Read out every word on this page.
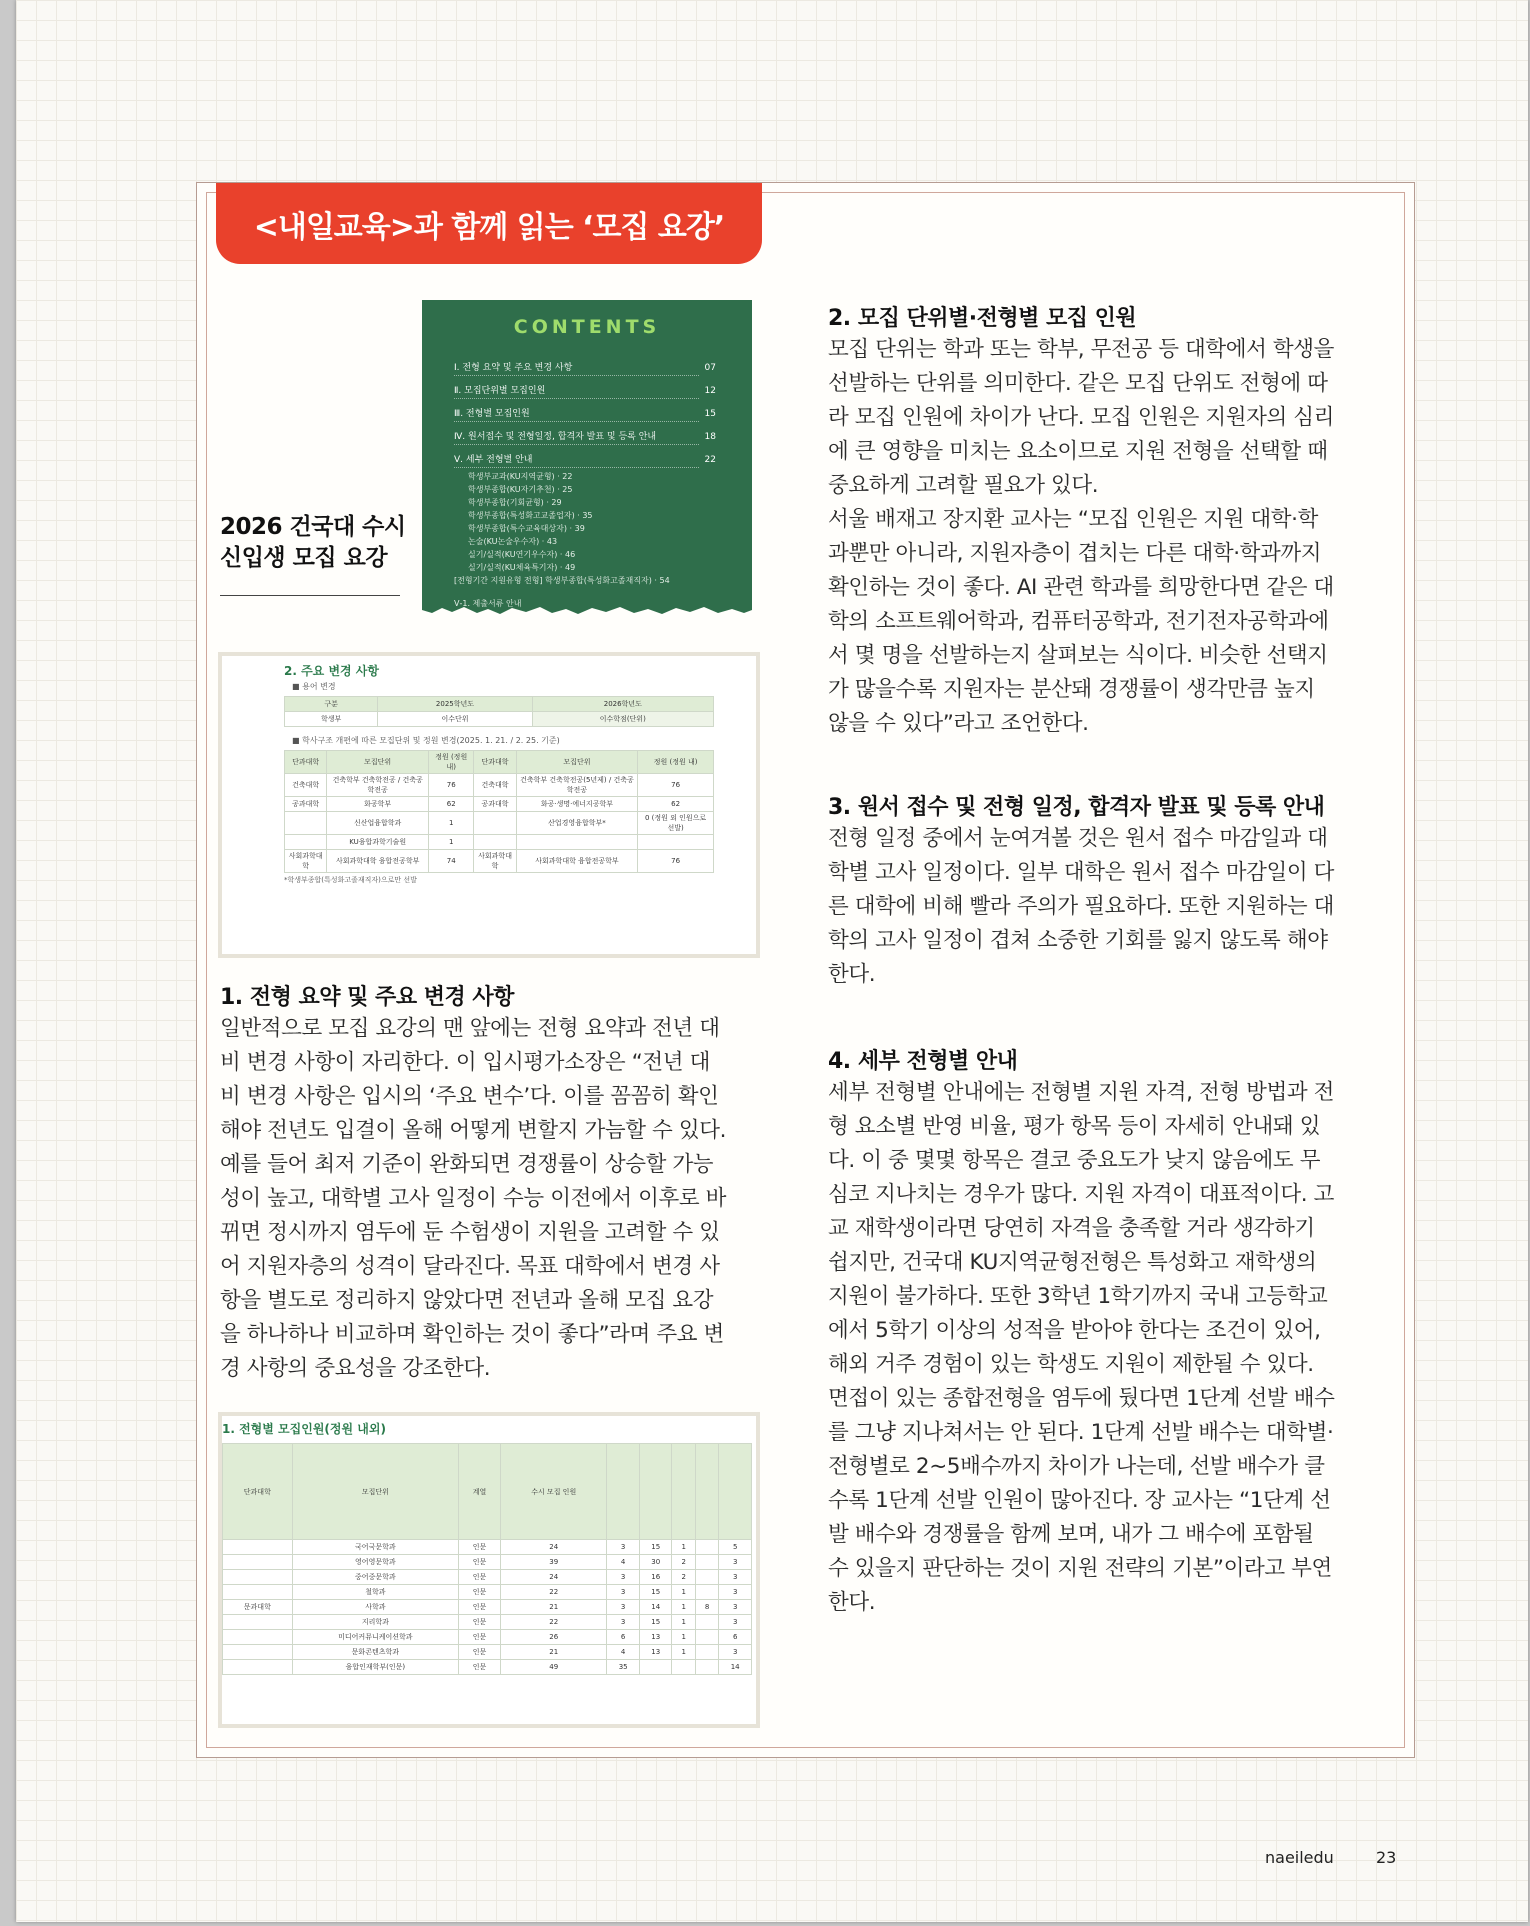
<내일교육>과 함께 읽는 ‘모집 요강’
CONTENTS
Ⅰ. 전형 요약 및 주요 변경 사항	07
Ⅱ. 모집단위별 모집인원	12
Ⅲ. 전형별 모집인원	15
Ⅳ. 원서접수 및 전형일정, 합격자 발표 및 등록 안내	18
Ⅴ. 세부 전형별 안내	22
학생부교과(KU지역균형) · 22
학생부종합(KU자기추천) · 25
학생부종합(기회균형) · 29
학생부종합(특성화고교졸업자) · 35
학생부종합(특수교육대상자) · 39
논술(KU논술우수자) · 43
실기/실적(KU연기우수자) · 46
실기/실적(KU체육특기자) · 49
[전형기간 지원유형 전형] 학생부종합(특성화고졸재직자) · 54
Ⅴ-1. 제출서류 안내
2026 건국대 수시
신입생 모집 요강
2. 주요 변경 사항
■ 용어 변경
구분	2025학년도	2026학년도
학생부	이수단위	이수학점(단위)
■ 학사구조 개편에 따른 모집단위 및 정원 변경(2025. 1. 21. / 2. 25. 기준)
단과대학	모집단위	정원 (정원 내)	단과대학	모집단위	정원 (정원 내)
건축대학	건축학부 건축학전공 / 건축공학전공	76	건축대학	건축학부 건축학전공(5년제) / 건축공학전공	76
공과대학	화공학부	62	공과대학	화공·생명·에너지공학부	62
	신산업융합학과	1		산업경영융합학부*	0 (정원 외 인원으로 선발)
	KU융합과학기술원	1			
사회과학대학	사회과학대학 융합전공학부	74	사회과학대학	사회과학대학 융합전공학부	76
*학생부종합(특성화고졸재직자)으로만 선발
1. 전형 요약 및 주요 변경 사항
일반적으로 모집 요강의 맨 앞에는 전형 요약과 전년 대
비 변경 사항이 자리한다. 이 입시평가소장은 “전년 대
비 변경 사항은 입시의 ‘주요 변수’다. 이를 꼼꼼히 확인
해야 전년도 입결이 올해 어떻게 변할지 가늠할 수 있다.
예를 들어 최저 기준이 완화되면 경쟁률이 상승할 가능
성이 높고, 대학별 고사 일정이 수능 이전에서 이후로 바
뀌면 정시까지 염두에 둔 수험생이 지원을 고려할 수 있
어 지원자층의 성격이 달라진다. 목표 대학에서 변경 사
항을 별도로 정리하지 않았다면 전년과 올해 모집 요강
을 하나하나 비교하며 확인하는 것이 좋다”라며 주요 변
경 사항의 중요성을 강조한다.
1. 전형별 모집인원(정원 내외)
단과대학	모집단위	계열	수시 모집 인원					
	국어국문학과	인문	24	3	15	1		5
	영어영문학과	인문	39	4	30	2		3
	중어중문학과	인문	24	3	16	2		3
	철학과	인문	22	3	15	1		3
문과대학	사학과	인문	21	3	14	1	8	3
	지리학과	인문	22	3	15	1		3
	미디어커뮤니케이션학과	인문	26	6	13	1		6
	문화콘텐츠학과	인문	21	4	13	1		3
	융합인재학부(인문)	인문	49	35				14
2. 모집 단위별·전형별 모집 인원
모집 단위는 학과 또는 학부, 무전공 등 대학에서 학생을
선발하는 단위를 의미한다. 같은 모집 단위도 전형에 따
라 모집 인원에 차이가 난다. 모집 인원은 지원자의 심리
에 큰 영향을 미치는 요소이므로 지원 전형을 선택할 때
중요하게 고려할 필요가 있다.
서울 배재고 장지환 교사는 “모집 인원은 지원 대학·학
과뿐만 아니라, 지원자층이 겹치는 다른 대학·학과까지
확인하는 것이 좋다. AI 관련 학과를 희망한다면 같은 대
학의 소프트웨어학과, 컴퓨터공학과, 전기전자공학과에
서 몇 명을 선발하는지 살펴보는 식이다. 비슷한 선택지
가 많을수록 지원자는 분산돼 경쟁률이 생각만큼 높지
않을 수 있다”라고 조언한다.
3. 원서 접수 및 전형 일정, 합격자 발표 및 등록 안내
전형 일정 중에서 눈여겨볼 것은 원서 접수 마감일과 대
학별 고사 일정이다. 일부 대학은 원서 접수 마감일이 다
른 대학에 비해 빨라 주의가 필요하다. 또한 지원하는 대
학의 고사 일정이 겹쳐 소중한 기회를 잃지 않도록 해야
한다.
4. 세부 전형별 안내
세부 전형별 안내에는 전형별 지원 자격, 전형 방법과 전
형 요소별 반영 비율, 평가 항목 등이 자세히 안내돼 있
다. 이 중 몇몇 항목은 결코 중요도가 낮지 않음에도 무
심코 지나치는 경우가 많다. 지원 자격이 대표적이다. 고
교 재학생이라면 당연히 자격을 충족할 거라 생각하기
쉽지만, 건국대 KU지역균형전형은 특성화고 재학생의
지원이 불가하다. 또한 3학년 1학기까지 국내 고등학교
에서 5학기 이상의 성적을 받아야 한다는 조건이 있어,
해외 거주 경험이 있는 학생도 지원이 제한될 수 있다.
면접이 있는 종합전형을 염두에 뒀다면 1단계 선발 배수
를 그냥 지나쳐서는 안 된다. 1단계 선발 배수는 대학별·
전형별로 2~5배수까지 차이가 나는데, 선발 배수가 클
수록 1단계 선발 인원이 많아진다. 장 교사는 “1단계 선
발 배수와 경쟁률을 함께 보며, 내가 그 배수에 포함될
수 있을지 판단하는 것이 지원 전략의 기본”이라고 부연
한다.
naeiledu	23
